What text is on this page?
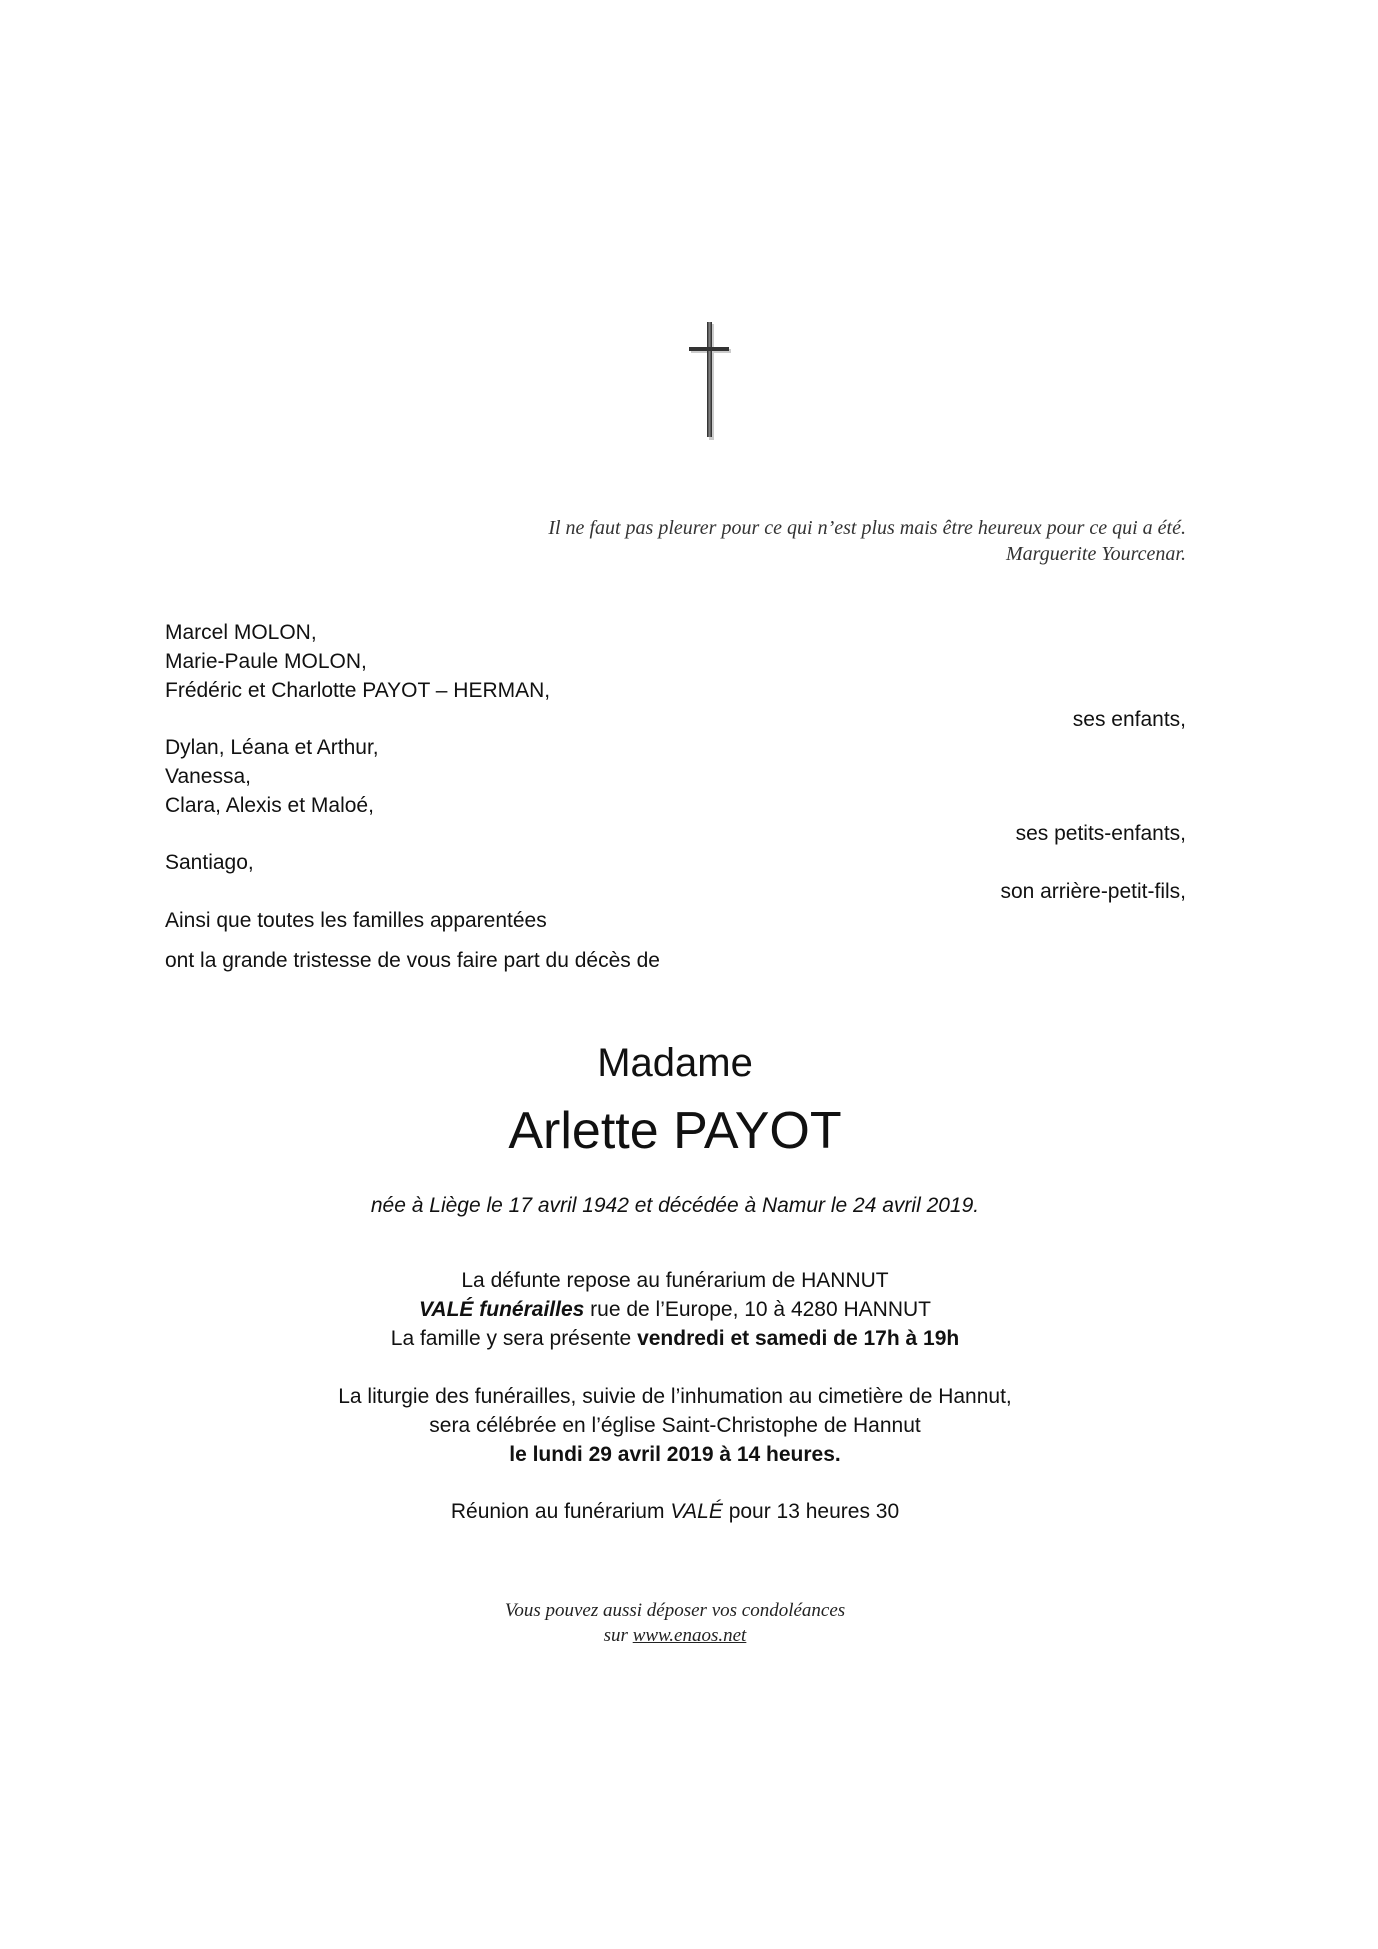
Il ne faut pas pleurer pour ce qui n’est plus mais être heureux pour ce qui a été.
Marguerite Yourcenar.
Marcel MOLON,
Marie-Paule MOLON,
Frédéric et Charlotte PAYOT – HERMAN,
ses enfants,
Dylan, Léana et Arthur,
Vanessa,
Clara, Alexis et Maloé,
ses petits-enfants,
Santiago,
son arrière-petit-fils,
Ainsi que toutes les familles apparentées
ont la grande tristesse de vous faire part du décès de
Madame
Arlette PAYOT
née à Liège le 17 avril 1942 et décédée à Namur le 24 avril 2019.
La défunte repose au funérarium de HANNUT
VALÉ funérailles rue de l’Europe, 10 à 4280 HANNUT
La famille y sera présente vendredi et samedi de 17h à 19h
La liturgie des funérailles, suivie de l’inhumation au cimetière de Hannut,
sera célébrée en l’église Saint-Christophe de Hannut
le lundi 29 avril 2019 à 14 heures.
Réunion au funérarium VALÉ pour 13 heures 30
Vous pouvez aussi déposer vos condoléances
sur www.enaos.net
